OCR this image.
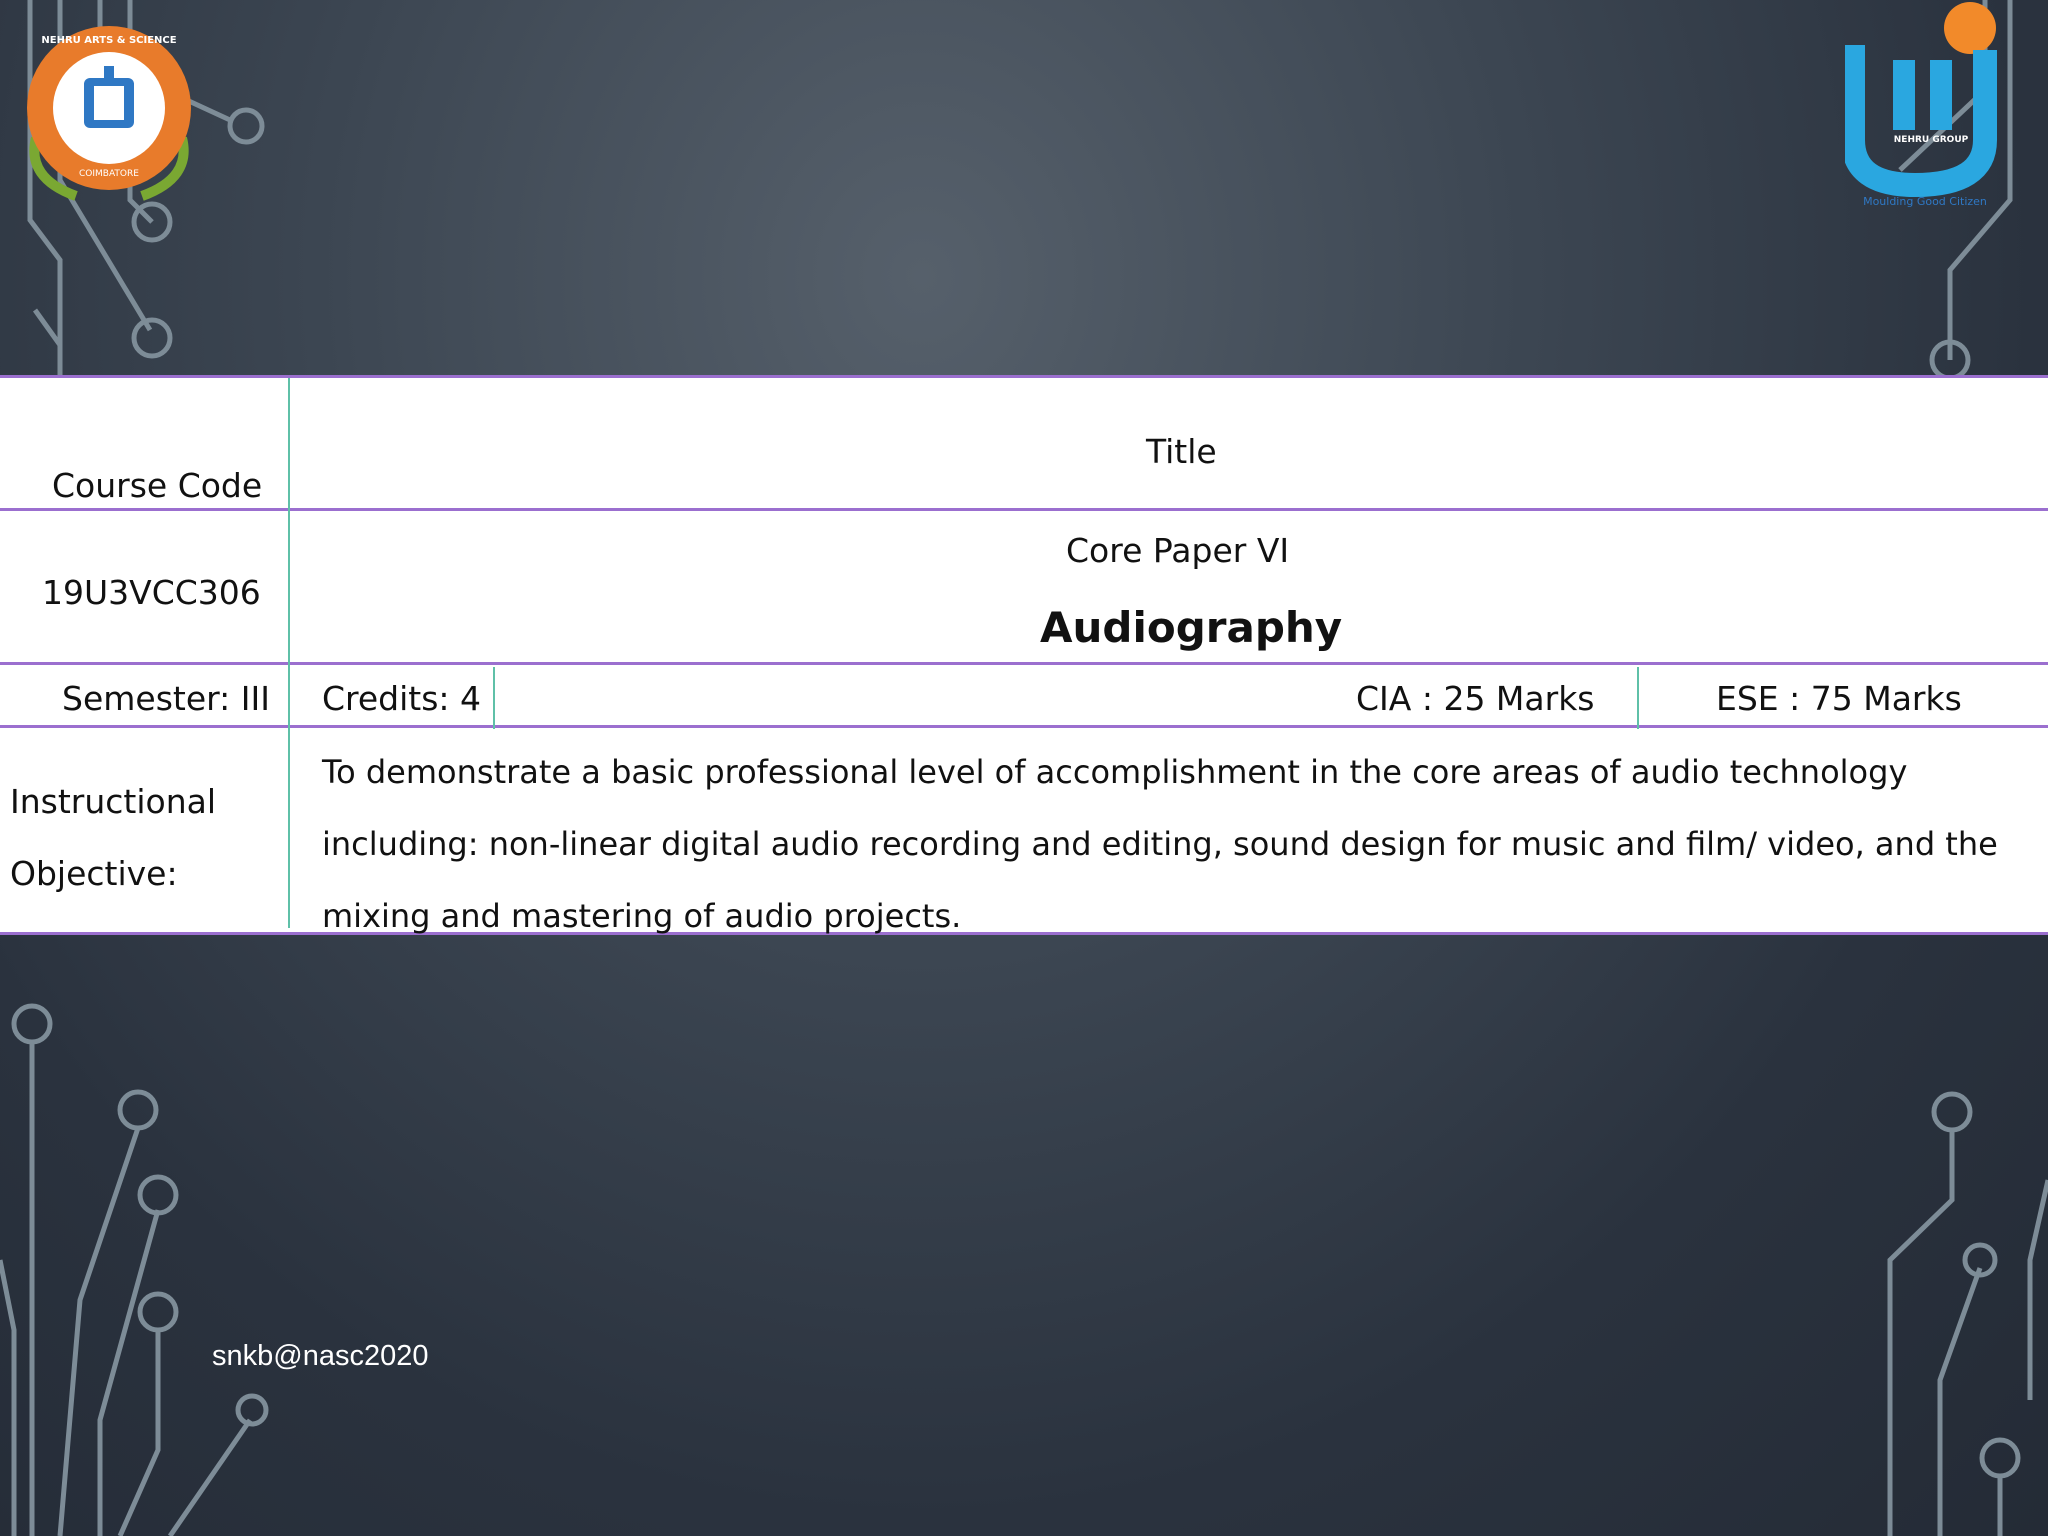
NEHRU ARTS & SCIENCE
COIMBATORE
NEHRU GROUP
Moulding Good Citizen
Course Code
Title
19U3VCC306
Core Paper VI
Audiography
Semester: III Credits: 4	CIA : 25 Marks	ESE : 75 Marks
Instructional
Objective:
To demonstrate a basic professional level of accomplishment in the core areas of audio technology including: non-linear digital audio recording and editing, sound design for music and film/ video, and the mixing and mastering of audio projects.
snkb@nasc2020
